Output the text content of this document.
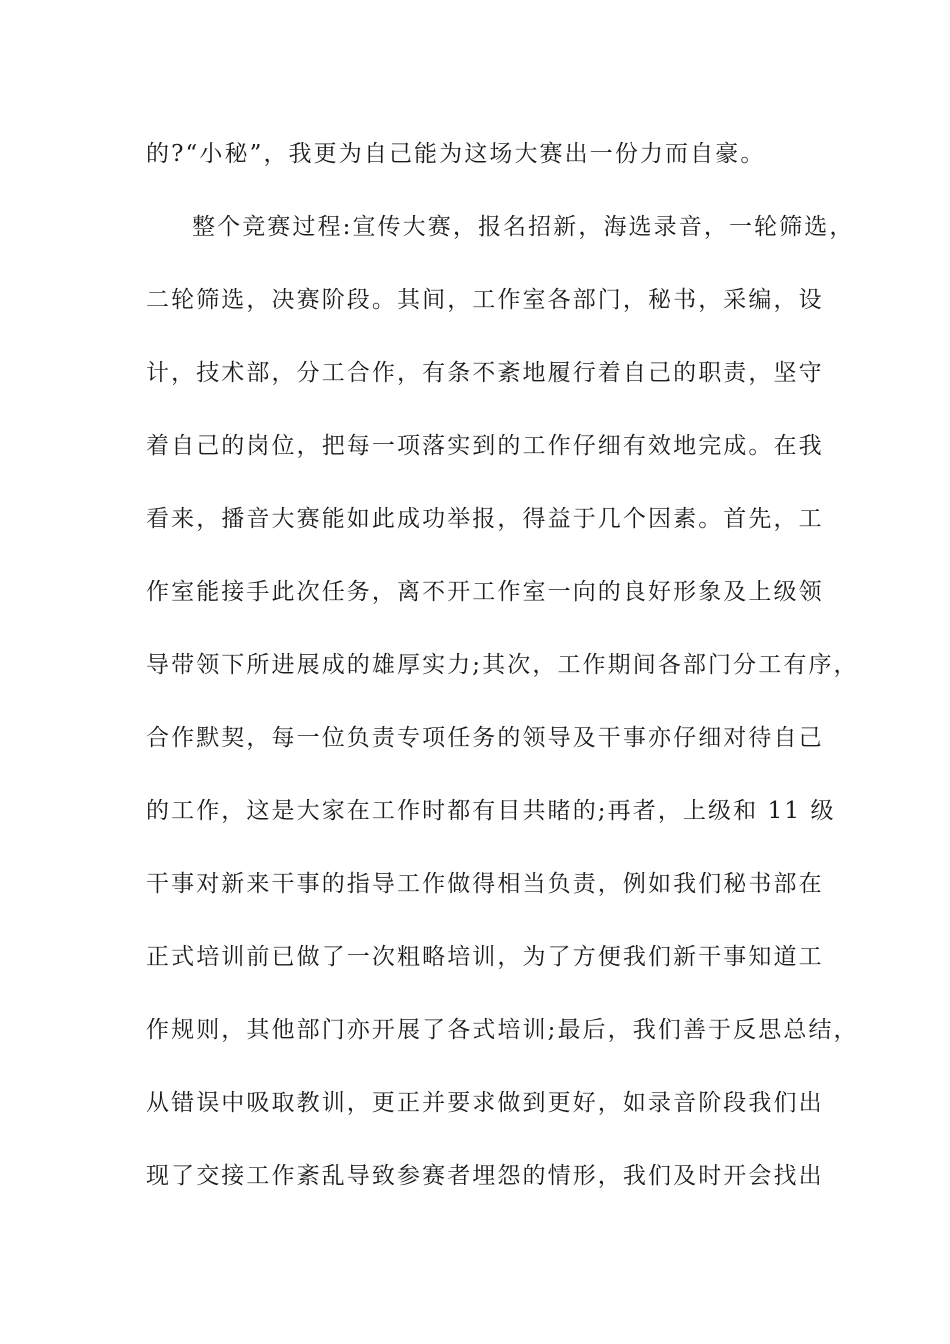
的?“小秘”，我更为自己能为这场大赛出一份力而自豪。
整个竞赛过程:宣传大赛，报名招新，海选录音，一轮筛选，
二轮筛选，决赛阶段。其间，工作室各部门，秘书，采编，设
计，技术部，分工合作，有条不紊地履行着自己的职责，坚守
着自己的岗位，把每一项落实到的工作仔细有效地完成。在我
看来，播音大赛能如此成功举报，得益于几个因素。首先，工
作室能接手此次任务，离不开工作室一向的良好形象及上级领
导带领下所进展成的雄厚实力;其次，工作期间各部门分工有序，
合作默契，每一位负责专项任务的领导及干事亦仔细对待自己
的工作，这是大家在工作时都有目共睹的;再者，上级和 11 级
干事对新来干事的指导工作做得相当负责，例如我们秘书部在
正式培训前已做了一次粗略培训，为了方便我们新干事知道工
作规则，其他部门亦开展了各式培训;最后，我们善于反思总结，
从错误中吸取教训，更正并要求做到更好，如录音阶段我们出
现了交接工作紊乱导致参赛者埋怨的情形，我们及时开会找出
